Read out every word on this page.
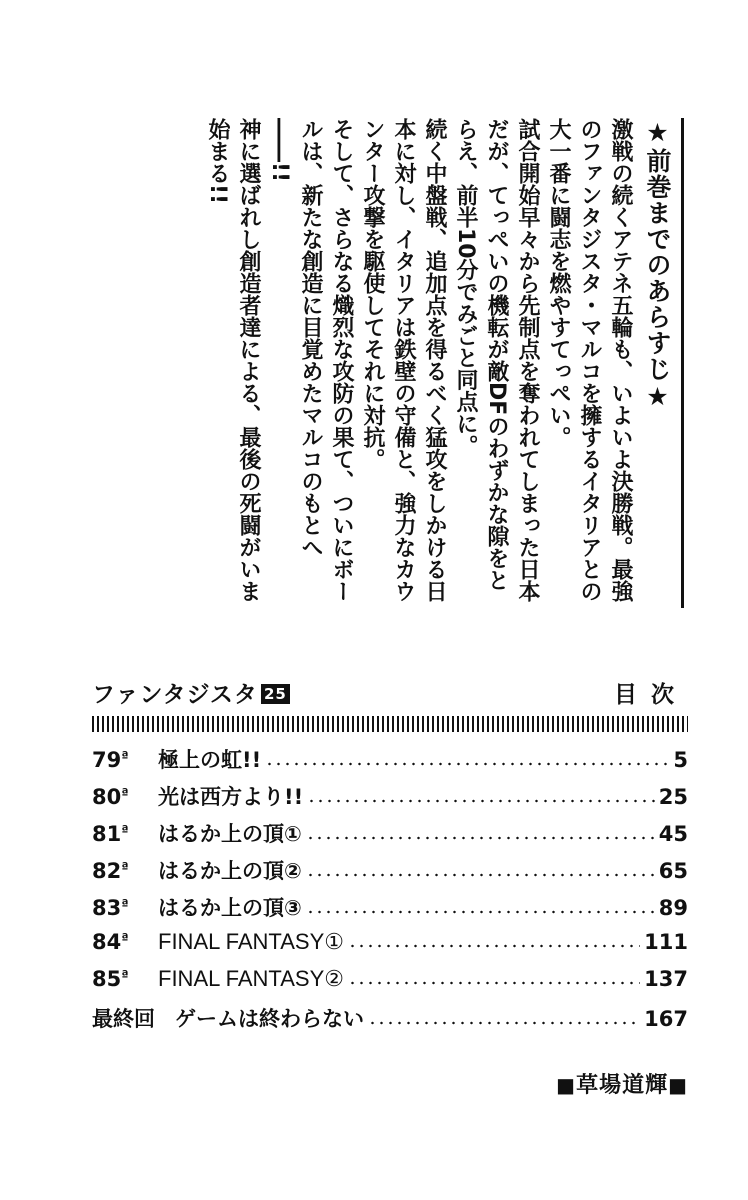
★前巻までのあらすじ★

激戦の続くアテネ五輪も、いよいよ決勝戦。最強のファンタジスタ・マルコを擁するイタリアとの大一番に闘志を燃やすてっぺい。

試合開始早々から先制点を奪われてしまった日本だが、てっぺいの機転が敵DFのわずかな隙をとらえ、前半10分でみごと同点に。

続く中盤戦、追加点を得るべく猛攻をしかける日本に対し、イタリアは鉄壁の守備と、強力なカウンター攻撃を駆使してそれに対抗。

そして、さらなる熾烈な攻防の果て、ついにボールは、新たな創造に目覚めたマルコのもとへ――!!

神に選ばれし創造者達による、最後の死闘がいま始まる!!

ファンタジスタ 25	目次
$79^ª$	極上の虹!!	5
$80^ª$	光は西方より!!	25
$81^ª$	はるか上の頂①	45
$82^ª$	はるか上の頂②	65
$83^ª$	はるか上の頂③	89
$84^ª$	FINAL FANTASY①	111
$85^ª$	FINAL FANTASY②	137
最終回 ゲームは終わらない	167
■草場道輝■
